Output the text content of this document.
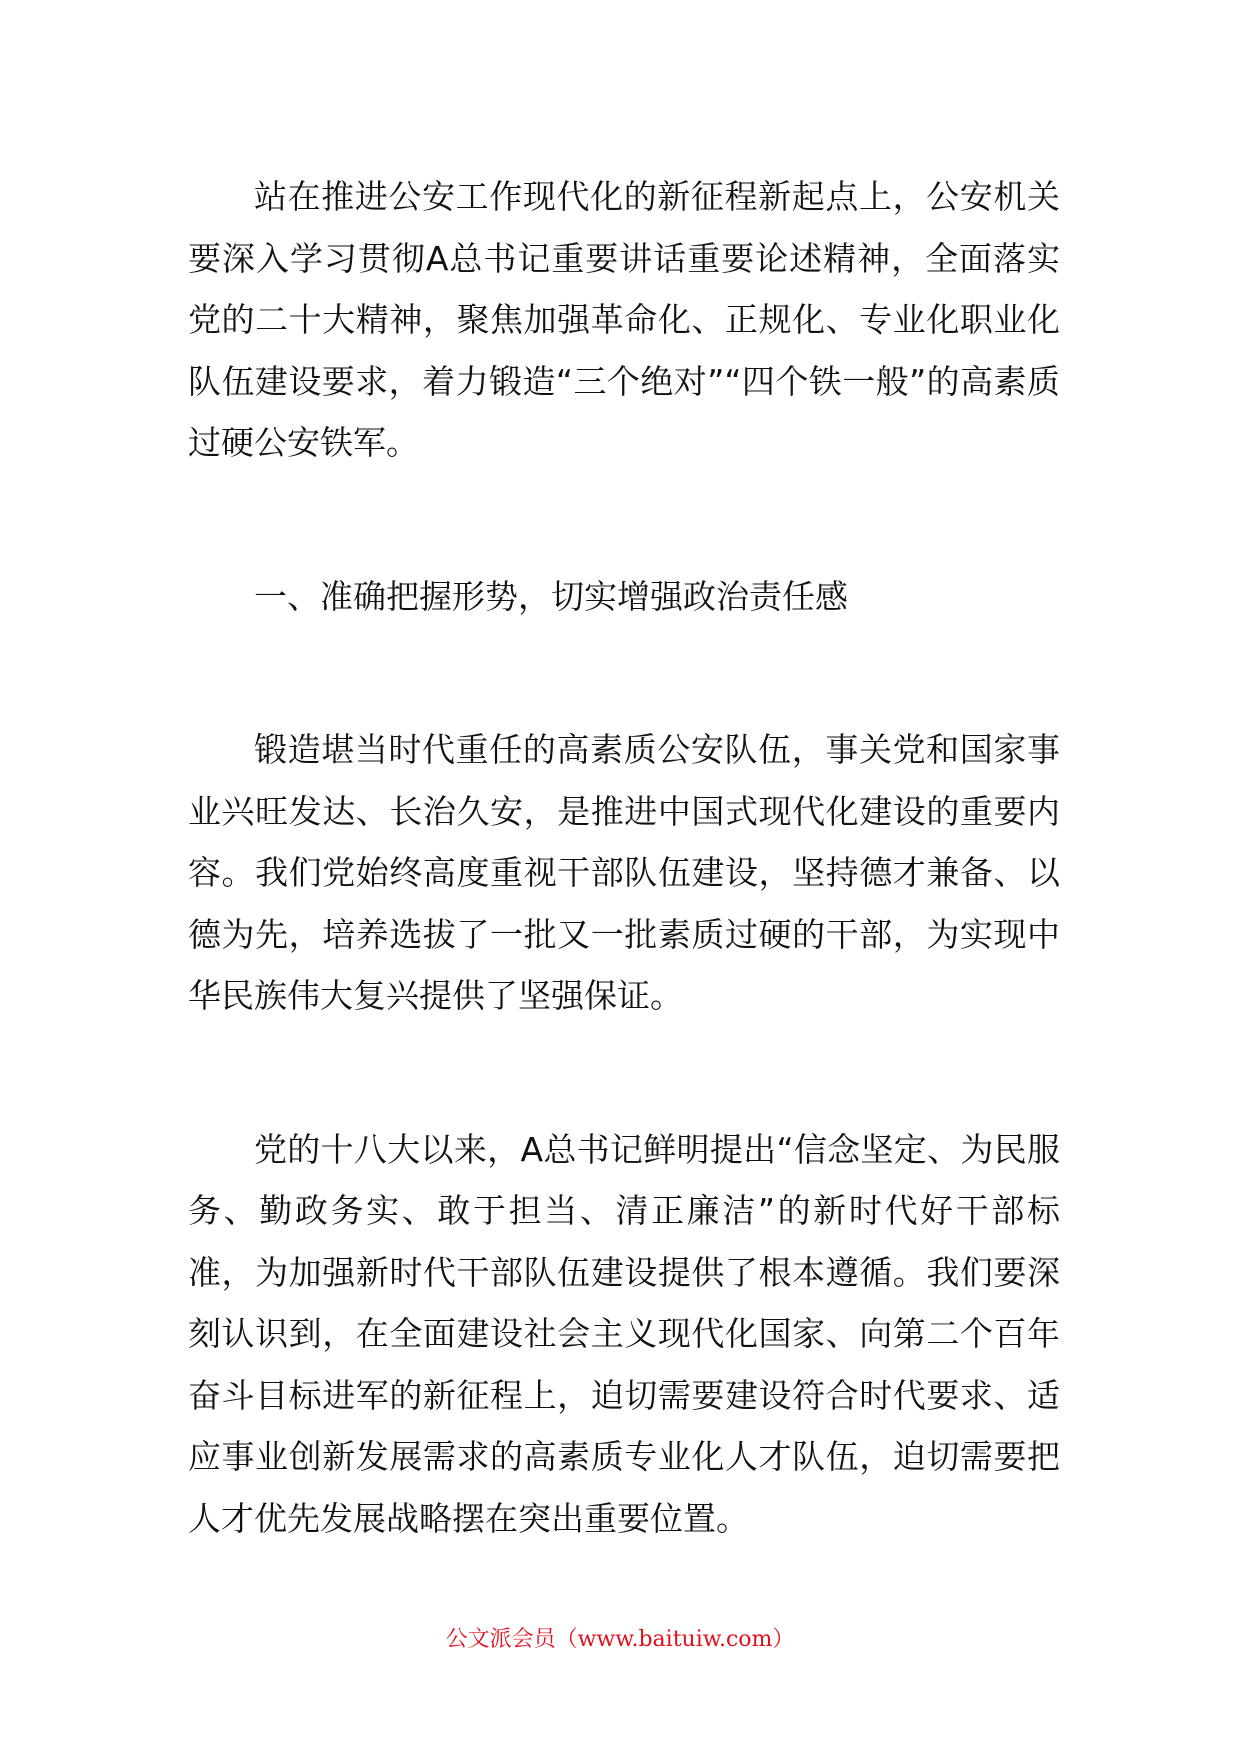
站在推进公安工作现代化的新征程新起点上，公安机关要深入学习贯彻A总书记重要讲话重要论述精神，全面落实党的二十大精神，聚焦加强革命化、正规化、专业化职业化队伍建设要求，着力锻造“三个绝对”“四个铁一般”的高素质过硬公安铁军。

一、准确把握形势，切实增强政治责任感

锻造堪当时代重任的高素质公安队伍，事关党和国家事业兴旺发达、长治久安，是推进中国式现代化建设的重要内容。我们党始终高度重视干部队伍建设，坚持德才兼备、以德为先，培养选拔了一批又一批素质过硬的干部，为实现中华民族伟大复兴提供了坚强保证。

党的十八大以来，A总书记鲜明提出“信念坚定、为民服务、勤政务实、敢于担当、清正廉洁”的新时代好干部标准，为加强新时代干部队伍建设提供了根本遵循。我们要深刻认识到，在全面建设社会主义现代化国家、向第二个百年奋斗目标进军的新征程上，迫切需要建设符合时代要求、适应事业创新发展需求的高素质专业化人才队伍，迫切需要把人才优先发展战略摆在突出重要位置。

公文派会员（www.baituiw.com）
